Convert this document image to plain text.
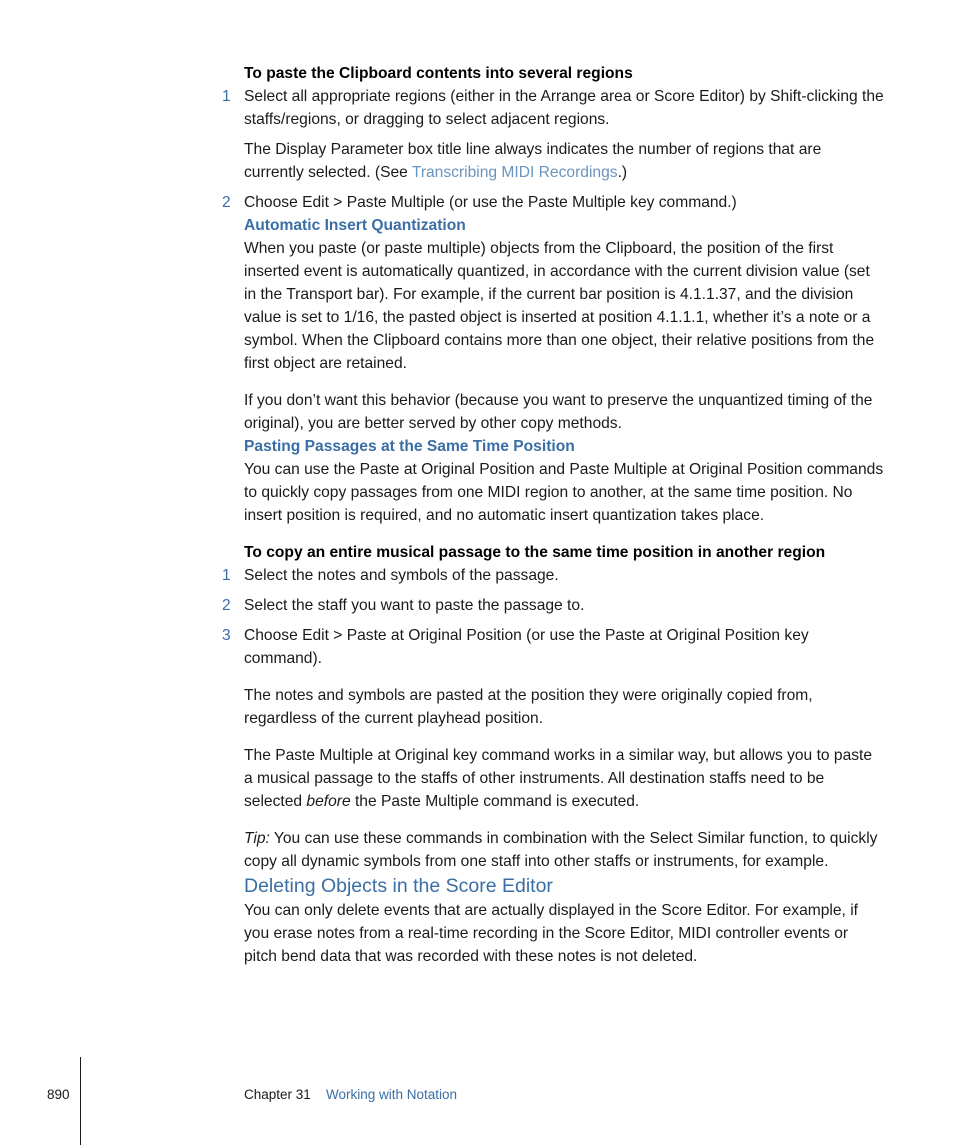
To paste the Clipboard contents into several regions

1 Select all appropriate regions (either in the Arrange area or Score Editor) by Shift-clicking the staffs/regions, or dragging to select adjacent regions.

The Display Parameter box title line always indicates the number of regions that are currently selected. (See Transcribing MIDI Recordings.)

2 Choose Edit > Paste Multiple (or use the Paste Multiple key command.)

Automatic Insert Quantization

When you paste (or paste multiple) objects from the Clipboard, the position of the first inserted event is automatically quantized, in accordance with the current division value (set in the Transport bar). For example, if the current bar position is 4.1.1.37, and the division value is set to 1/16, the pasted object is inserted at position 4.1.1.1, whether it’s a note or a symbol. When the Clipboard contains more than one object, their relative positions from the first object are retained.

If you don’t want this behavior (because you want to preserve the unquantized timing of the original), you are better served by other copy methods.

Pasting Passages at the Same Time Position

You can use the Paste at Original Position and Paste Multiple at Original Position commands to quickly copy passages from one MIDI region to another, at the same time position. No insert position is required, and no automatic insert quantization takes place.

To copy an entire musical passage to the same time position in another region

1 Select the notes and symbols of the passage.
2 Select the staff you want to paste the passage to.
3 Choose Edit > Paste at Original Position (or use the Paste at Original Position key command).

The notes and symbols are pasted at the position they were originally copied from, regardless of the current playhead position.

The Paste Multiple at Original key command works in a similar way, but allows you to paste a musical passage to the staffs of other instruments. All destination staffs need to be selected before the Paste Multiple command is executed.

Tip: You can use these commands in combination with the Select Similar function, to quickly copy all dynamic symbols from one staff into other staffs or instruments, for example.

Deleting Objects in the Score Editor

You can only delete events that are actually displayed in the Score Editor. For example, if you erase notes from a real-time recording in the Score Editor, MIDI controller events or pitch bend data that was recorded with these notes is not deleted.

890	Chapter 31 Working with Notation
